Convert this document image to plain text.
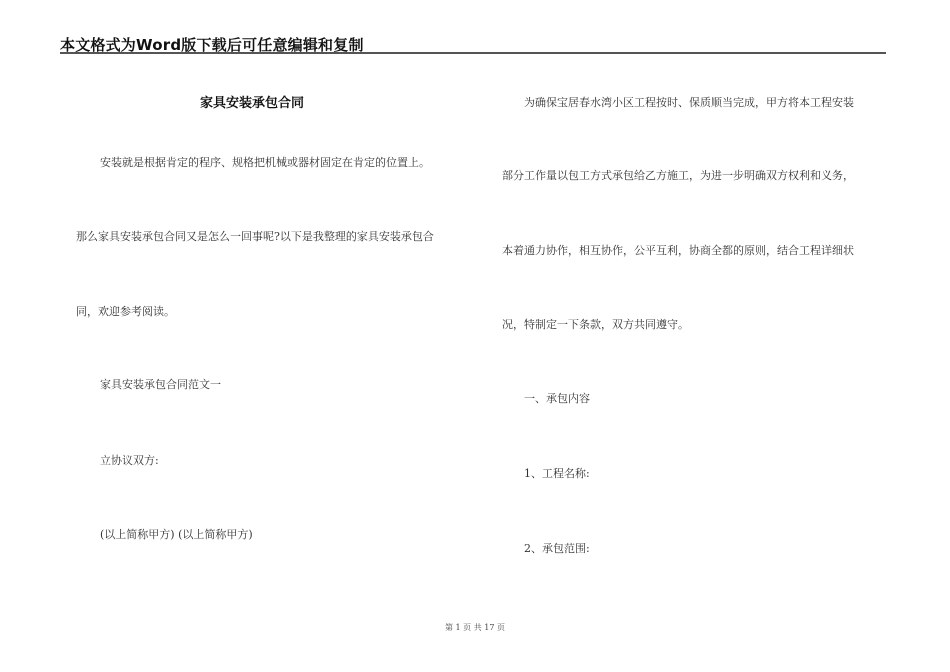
本文格式为Word版下载后可任意编辑和复制
家具安装承包合同
安装就是根据肯定的程序、规格把机械或器材固定在肯定的位置上。
那么家具安装承包合同又是怎么一回事呢?以下是我整理的家具安装承包合
同，欢迎参考阅读。
家具安装承包合同范文一
立协议双方:
(以上简称甲方) (以上简称甲方)
为确保宝居春水湾小区工程按时、保质顺当完成，甲方将本工程安装
部分工作量以包工方式承包给乙方施工，为进一步明确双方权利和义务，
本着通力协作，相互协作，公平互利，协商全都的原则，结合工程详细状
况，特制定一下条款，双方共同遵守。
一、承包内容
1、工程名称:
2、承包范围:
第 1 页 共 17 页
